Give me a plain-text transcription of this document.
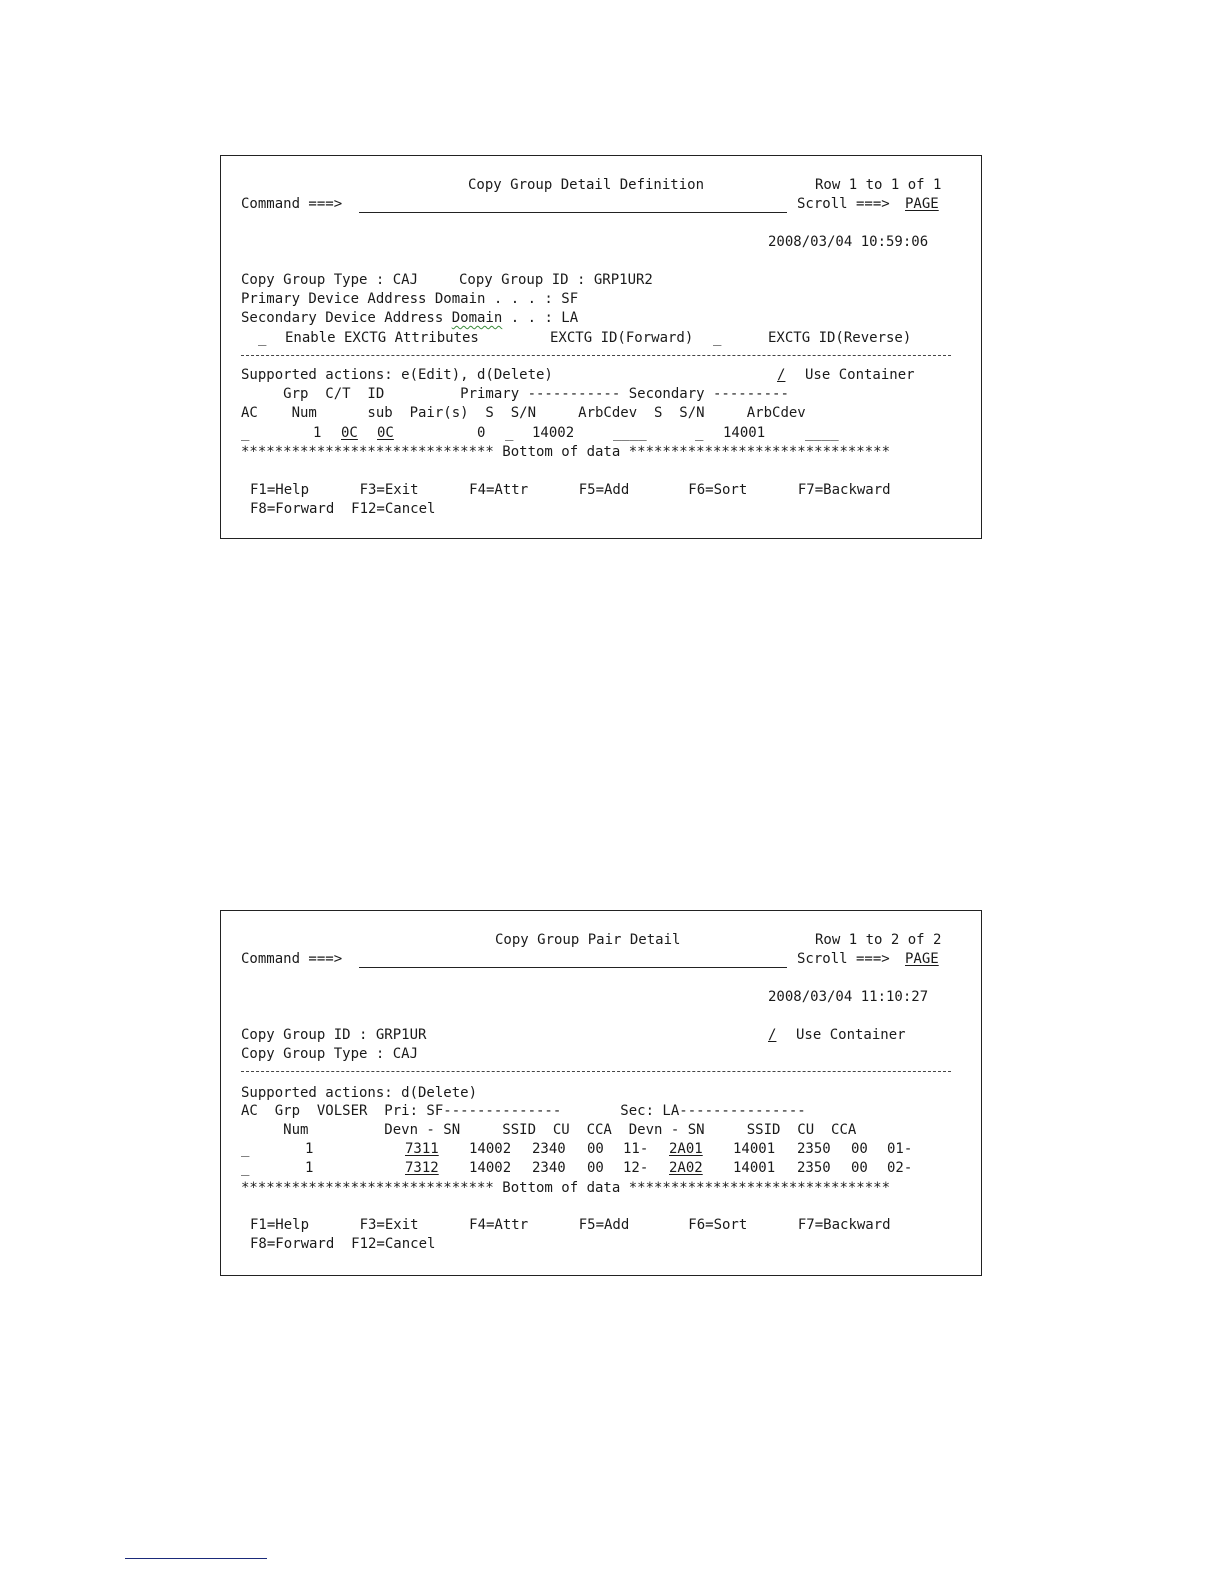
Copy Group Detail Definition	Row 1 to 1 of 1
Command ===>	Scroll ===> PAGE
2008/03/04 10:59:06
Copy Group Type : CAJ	Copy Group ID : GRP1UR2
Primary Device Address Domain . . . : SF
Secondary Device Address Domain . . : LA
_ Enable EXCTG Attributes	EXCTG ID(Forward) _	EXCTG ID(Reverse)
Supported actions: e(Edit), d(Delete)	/ Use Container
Grp  C/T  ID         Primary ----------- Secondary ---------
AC    Num      sub  Pair(s)  S  S/N     ArbCdev  S  S/N     ArbCdev
_	1 0C 0C	0 _ 14002	____	_ 14001	____
****************************** Bottom of data *******************************
F1=Help      F3=Exit      F4=Attr      F5=Add       F6=Sort      F7=Backward
F8=Forward  F12=Cancel
Copy Group Pair Detail	Row 1 to 2 of 2
Command ===>	Scroll ===> PAGE
2008/03/04 11:10:27
Copy Group ID : GRP1UR	/ Use Container
Copy Group Type : CAJ
Supported actions: d(Delete)
AC  Grp  VOLSER  Pri: SF--------------       Sec: LA---------------
Num         Devn - SN     SSID  CU  CCA  Devn - SN     SSID  CU  CCA
_	1	7311 14002 2340 00 11- 2A01 14001 2350 00 01-
_	1	7312 14002 2340 00 12- 2A02 14001 2350 00 02-
****************************** Bottom of data *******************************
F1=Help      F3=Exit      F4=Attr      F5=Add       F6=Sort      F7=Backward
F8=Forward  F12=Cancel
